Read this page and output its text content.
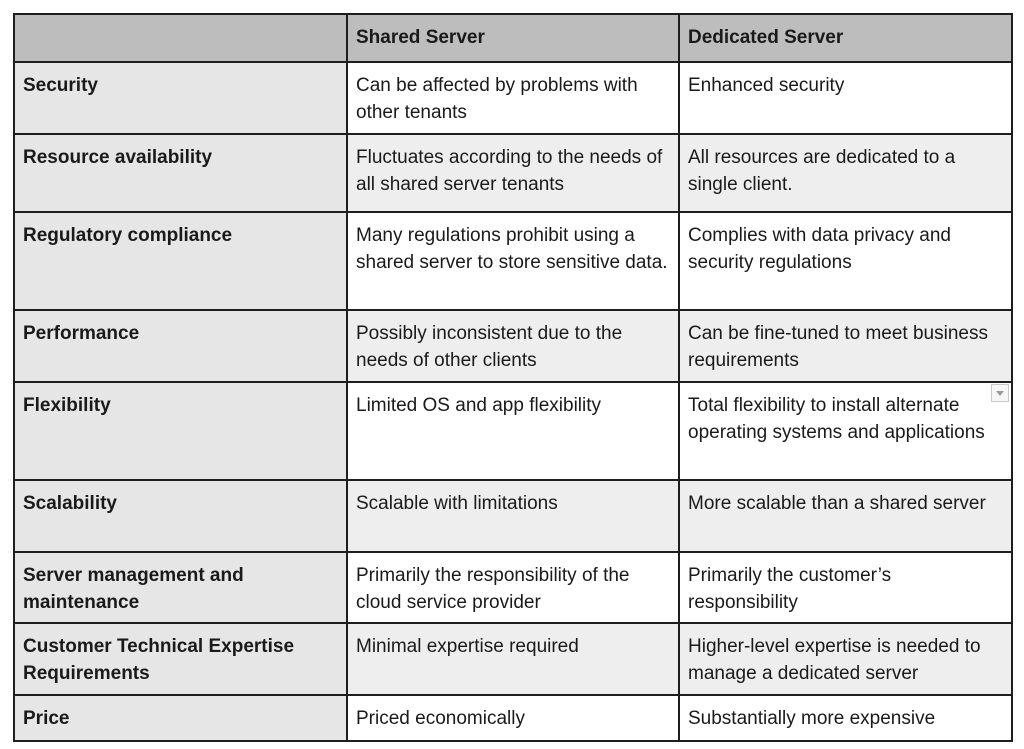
	Shared Server	Dedicated Server
Security	Can be affected by problems with other tenants	Enhanced security
Resource availability	Fluctuates according to the needs of all shared server tenants	All resources are dedicated to a single client.
Regulatory compliance	Many regulations prohibit using a shared server to store sensitive data.	Complies with data privacy and security regulations
Performance	Possibly inconsistent due to the needs of other clients	Can be fine-tuned to meet business requirements
Flexibility	Limited OS and app flexibility	Total flexibility to install alternate operating systems and applications

Scalability	Scalable with limitations	More scalable than a shared server
Server management and maintenance	Primarily the responsibility of the cloud service provider	Primarily the customer’s responsibility
Customer Technical Expertise Requirements	Minimal expertise required	Higher-level expertise is needed to manage a dedicated server
Price	Priced economically	Substantially more expensive
